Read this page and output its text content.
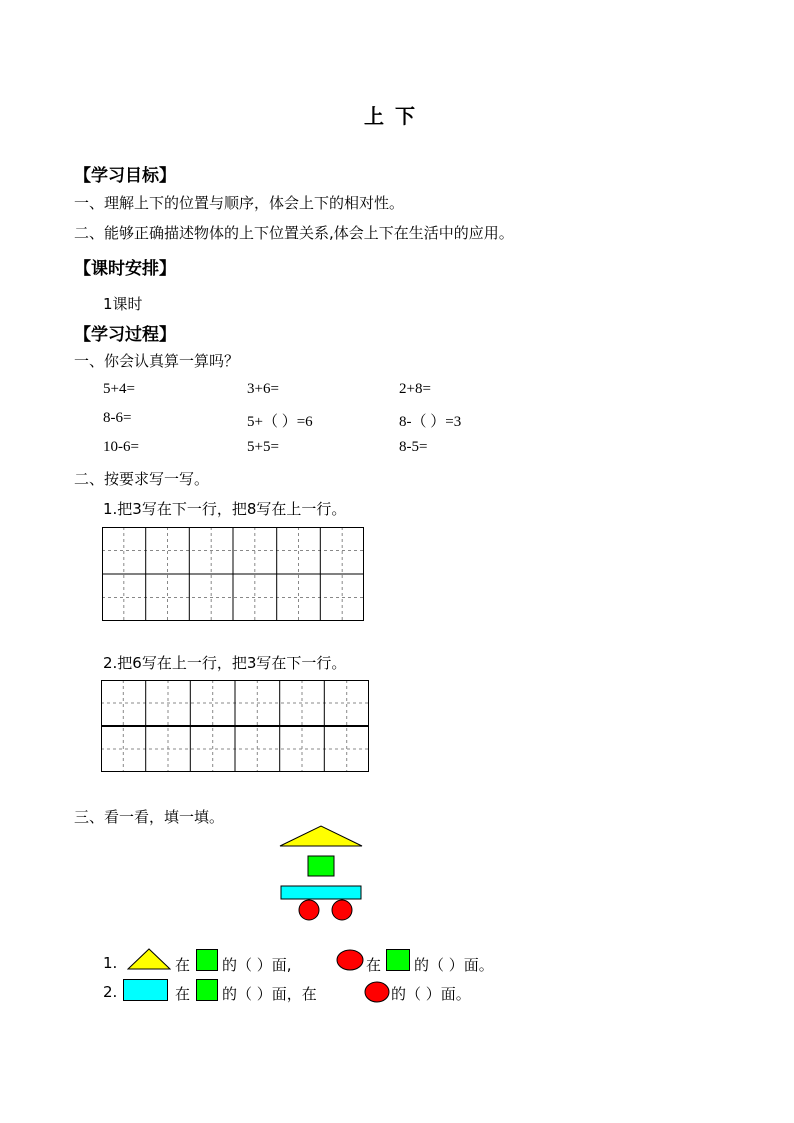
上 下
【学习目标】
一、理解上下的位置与顺序，体会上下的相对性。
二、能够正确描述物体的上下位置关系,体会上下在生活中的应用。
【课时安排】
1课时
【学习过程】
一、你会认真算一算吗？
5+4=	3+6=	2+8=
8-6=	5+（ ）=6	8-（ ）=3
10-6=	5+5=	8-5=
二、按要求写一写。
1.把3写在下一行，把8写在上一行。
2.把6写在上一行，把3写在下一行。
三、看一看，填一填。
1.	在 的（ ）面,	在 的（ ）面。
2.	在 的（ ）面，在	的（ ）面。
